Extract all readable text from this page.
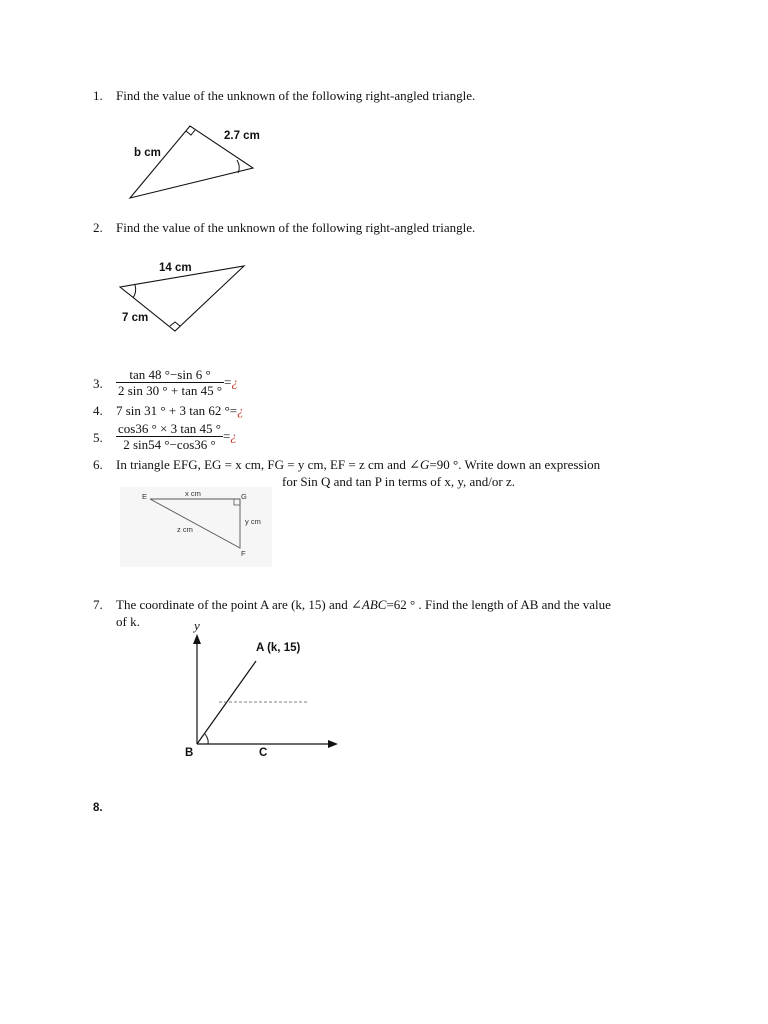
1. Find the value of the unknown of the following right-angled triangle.
2.7 cm
b cm
2. Find the value of the unknown of the following right-angled triangle.
14 cm
7 cm
3. $\frac{\tan 48 ^\circ-\sin 6 ^\circ}{2 \sin 30 ^\circ + \tan 45 ^\circ}$ =¿
4. 7 sin 31 ° + 3 tan 62 °=¿
5. $\frac{\cos 36 ^\circ \times 3 \tan 45 ^\circ}{2 \sin 54 ^\circ-\cos 36 ^\circ}$ =¿
6. In triangle EFG, EG = x cm, FG = y cm, EF = z cm and ∠G=90 °. Write down an expression
for Sin Q and tan P in terms of x, y, and/or z.
E	G
F
x cm
y cm
z cm
7. The coordinate of the point A are (k, 15) and ∠ABC=62 ° . Find the length of AB and the value
of k.	y
A (k, 15)
B	C
8.
